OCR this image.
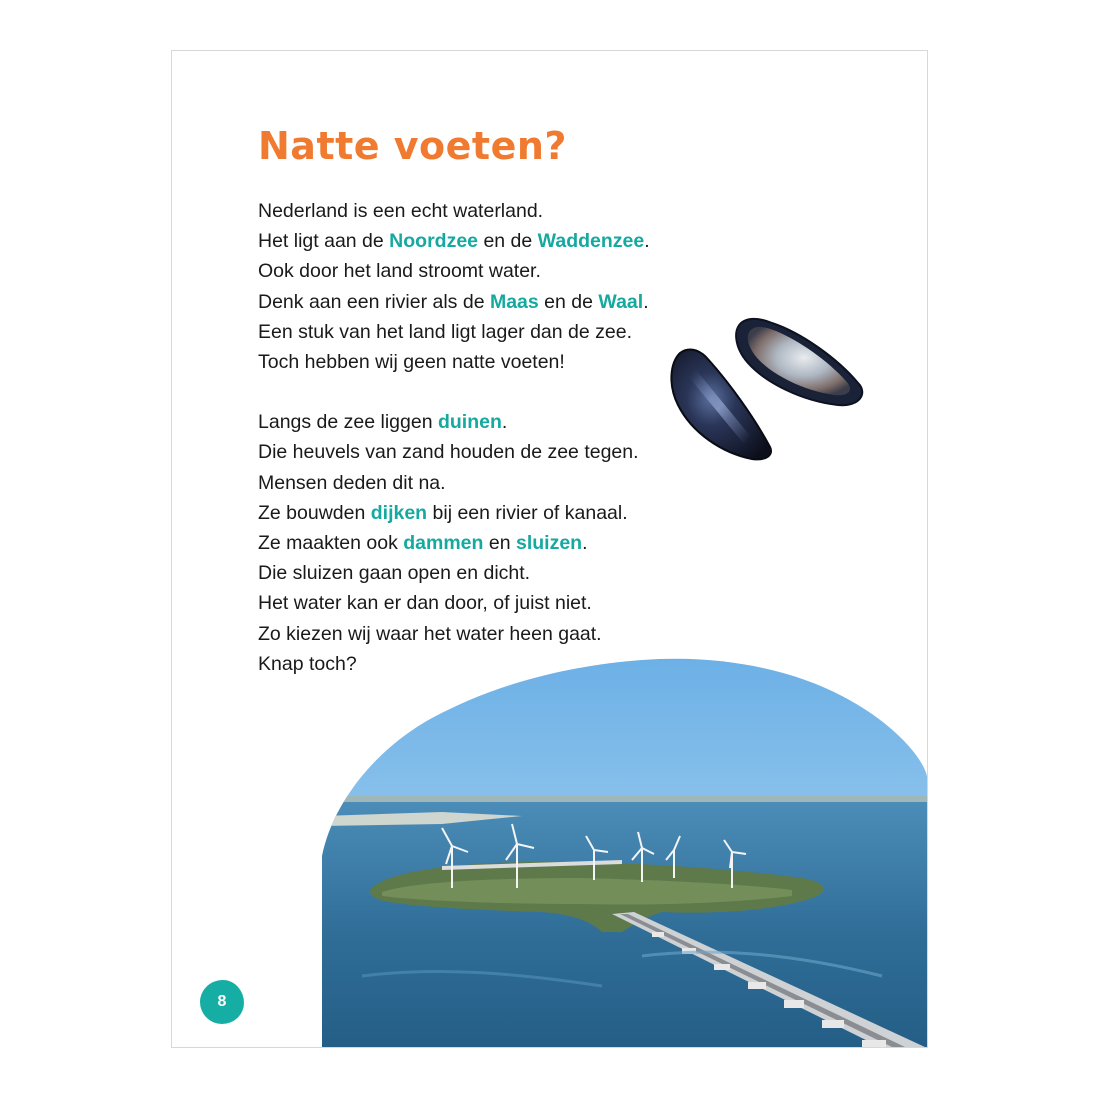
Natte voeten?

Nederland is een echt waterland.
Het ligt aan de Noordzee en de Waddenzee.
Ook door het land stroomt water.
Denk aan een rivier als de Maas en de Waal.
Een stuk van het land ligt lager dan de zee.
Toch hebben wij geen natte voeten!

Langs de zee liggen duinen.
Die heuvels van zand houden de zee tegen.
Mensen deden dit na.
Ze bouwden dijken bij een rivier of kanaal.
Ze maakten ook dammen en sluizen.
Die sluizen gaan open en dicht.
Het water kan er dan door, of juist niet.
Zo kiezen wij waar het water heen gaat.
Knap toch?

8
